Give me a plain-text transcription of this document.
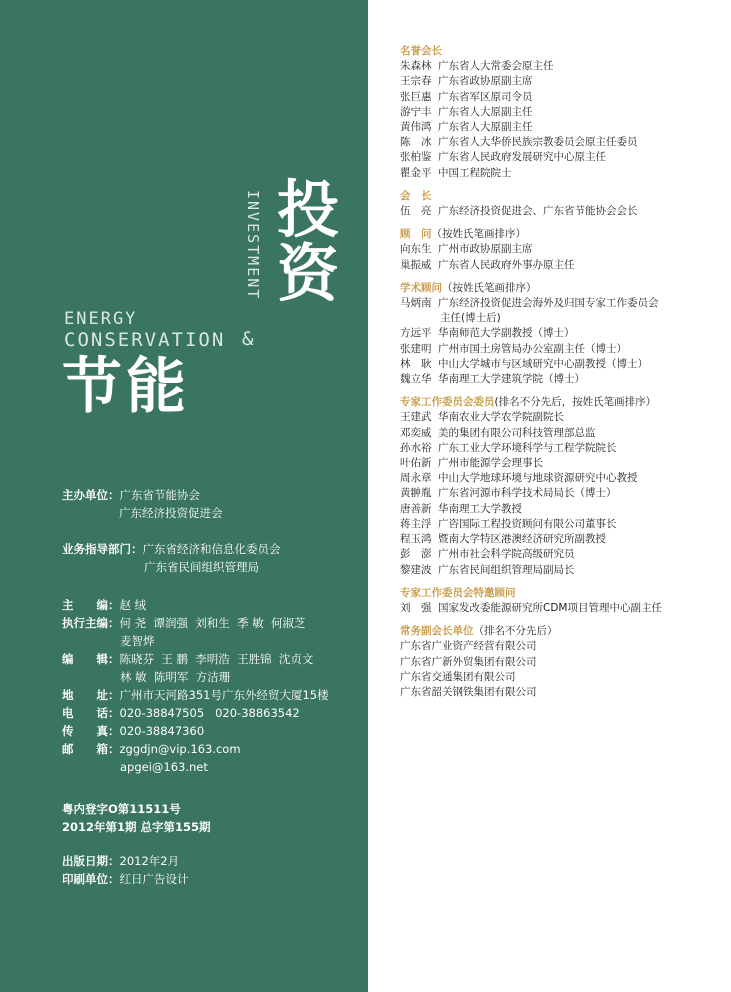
INVESTMENT 投
资
ENERGY
CONSERVATION &
节能
主办单位： 广东省节能协会
广东经济投资促进会
业务指导部门： 广东省经济和信息化委员会
广东省民间组织管理局
主　　编： 赵 绒
执行主编： 何 尧  谭润强  刘和生  季 敏  何淑芝
麦智烨
编　　辑： 陈晓芬  王 鹏  李明浩  王胜锦  沈贞文
林 敏  陈明军  方洁珊
地　　址： 广州市天河路351号广东外经贸大厦15楼
电　　话： 020-38847505   020-38863542
传　　真： 020-38847360
邮　　箱： zggdjn@vip.163.com
apgei@163.net
粤内登字O第11511号
2012年第1期 总字第155期
出版日期： 2012年2月
印刷单位： 红日广告设计
名誉会长
朱森林 广东省人大常委会原主任
王宗春 广东省政协原副主席
张巨惠 广东省军区原司令员
游宁丰 广东省人大原副主任
黄伟鸿 广东省人大原副主任
陈　冰 广东省人大华侨民族宗教委员会原主任委员
张柏鉴 广东省人民政府发展研究中心原主任
瞿金平 中国工程院院士
会　长
伍　亮 广东经济投资促进会、广东省节能协会会长
顾　问（按姓氏笔画排序）
向东生 广州市政协原副主席
巢振威 广东省人民政府外事办原主任
学术顾问（按姓氏笔画排序）
马炳南 广东经济投资促进会海外及归国专家工作委员会
主任(博士后)
方远平 华南师范大学副教授（博士）
张建明 广州市国土房管局办公室副主任（博士）
林　耿 中山大学城市与区域研究中心副教授（博士）
魏立华 华南理工大学建筑学院（博士）
专家工作委员会委员(排名不分先后，按姓氏笔画排序）
王建武 华南农业大学农学院副院长
邓奕威 美的集团有限公司科技管理部总监
孙水裕 广东工业大学环境科学与工程学院院长
叶佑新 广州市能源学会理事长
周永章 中山大学地球环境与地球资源研究中心教授
黄翀胤 广东省河源市科学技术局局长（博士）
唐善新 华南理工大学教授
蒋主浮 广咨国际工程投资顾问有限公司董事长
程玉鸿 暨南大学特区港澳经济研究所副教授
彭　澎 广州市社会科学院高级研究员
黎建波 广东省民间组织管理局副局长
专家工作委员会特邀顾问
刘　强 国家发改委能源研究所CDM项目管理中心副主任
常务副会长单位（排名不分先后）
广东省广业资产经营有限公司
广东省广新外贸集团有限公司
广东省交通集团有限公司
广东省韶关钢铁集团有限公司
